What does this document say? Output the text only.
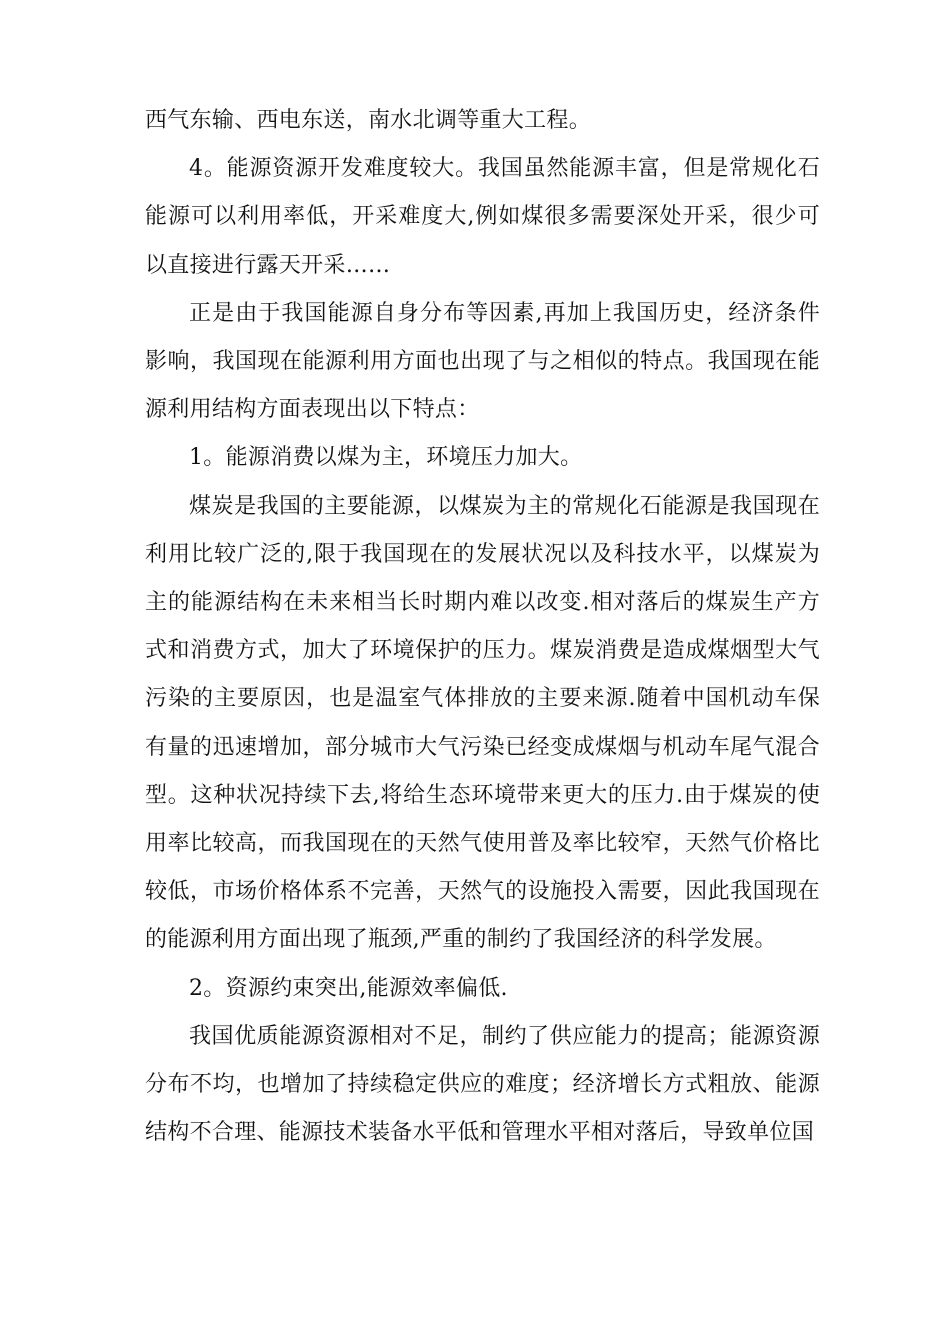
西气东输、西电东送，南水北调等重大工程。

4。能源资源开发难度较大。我国虽然能源丰富，但是常规化石能源可以利用率低，开采难度大,例如煤很多需要深处开采，很少可以直接进行露天开采……

正是由于我国能源自身分布等因素,再加上我国历史，经济条件影响，我国现在能源利用方面也出现了与之相似的特点。我国现在能源利用结构方面表现出以下特点：

1。能源消费以煤为主，环境压力加大。

煤炭是我国的主要能源，以煤炭为主的常规化石能源是我国现在利用比较广泛的,限于我国现在的发展状况以及科技水平，以煤炭为主的能源结构在未来相当长时期内难以改变.相对落后的煤炭生产方式和消费方式，加大了环境保护的压力。煤炭消费是造成煤烟型大气污染的主要原因，也是温室气体排放的主要来源.随着中国机动车保有量的迅速增加，部分城市大气污染已经变成煤烟与机动车尾气混合型。这种状况持续下去,将给生态环境带来更大的压力.由于煤炭的使用率比较高，而我国现在的天然气使用普及率比较窄，天然气价格比较低，市场价格体系不完善，天然气的设施投入需要，因此我国现在的能源利用方面出现了瓶颈,严重的制约了我国经济的科学发展。

2。资源约束突出,能源效率偏低.

我国优质能源资源相对不足，制约了供应能力的提高；能源资源分布不均，也增加了持续稳定供应的难度；经济增长方式粗放、能源结构不合理、能源技术装备水平低和管理水平相对落后，导致单位国
